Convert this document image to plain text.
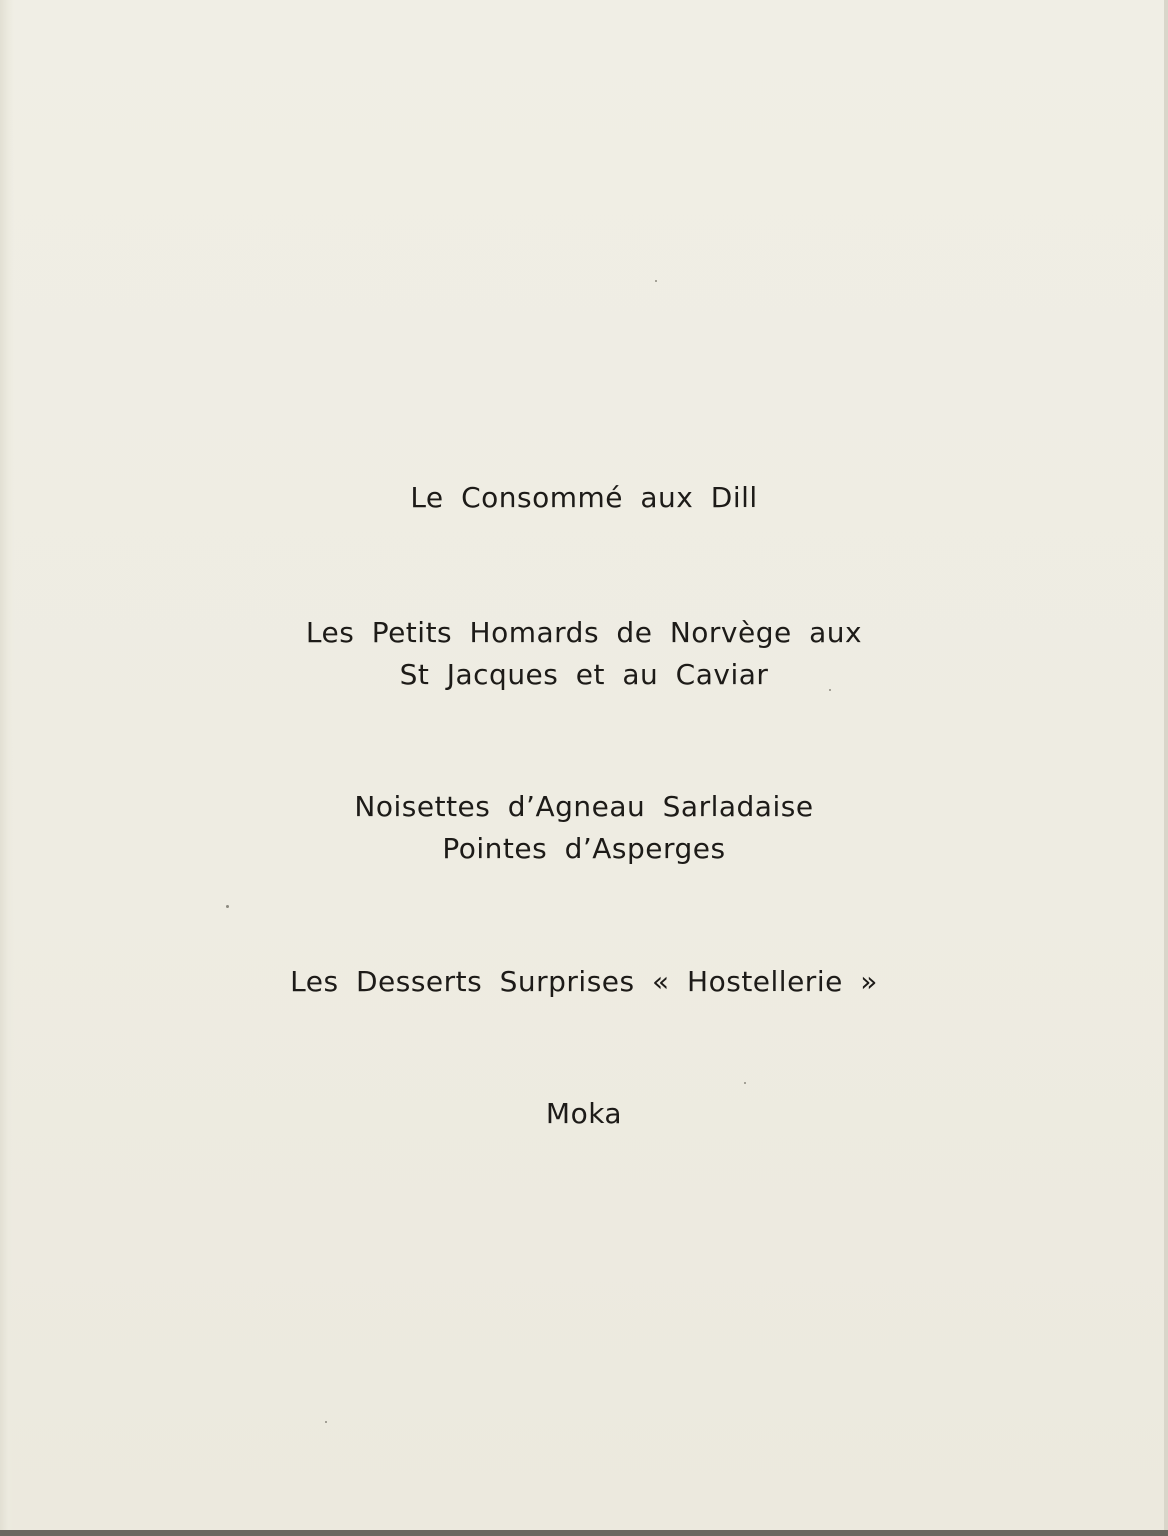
Le Consommé aux Dill
Les Petits Homards de Norvège aux
St Jacques et au Caviar
Noisettes d’Agneau Sarladaise
Pointes d’Asperges
Les Desserts Surprises « Hostellerie »
Moka
